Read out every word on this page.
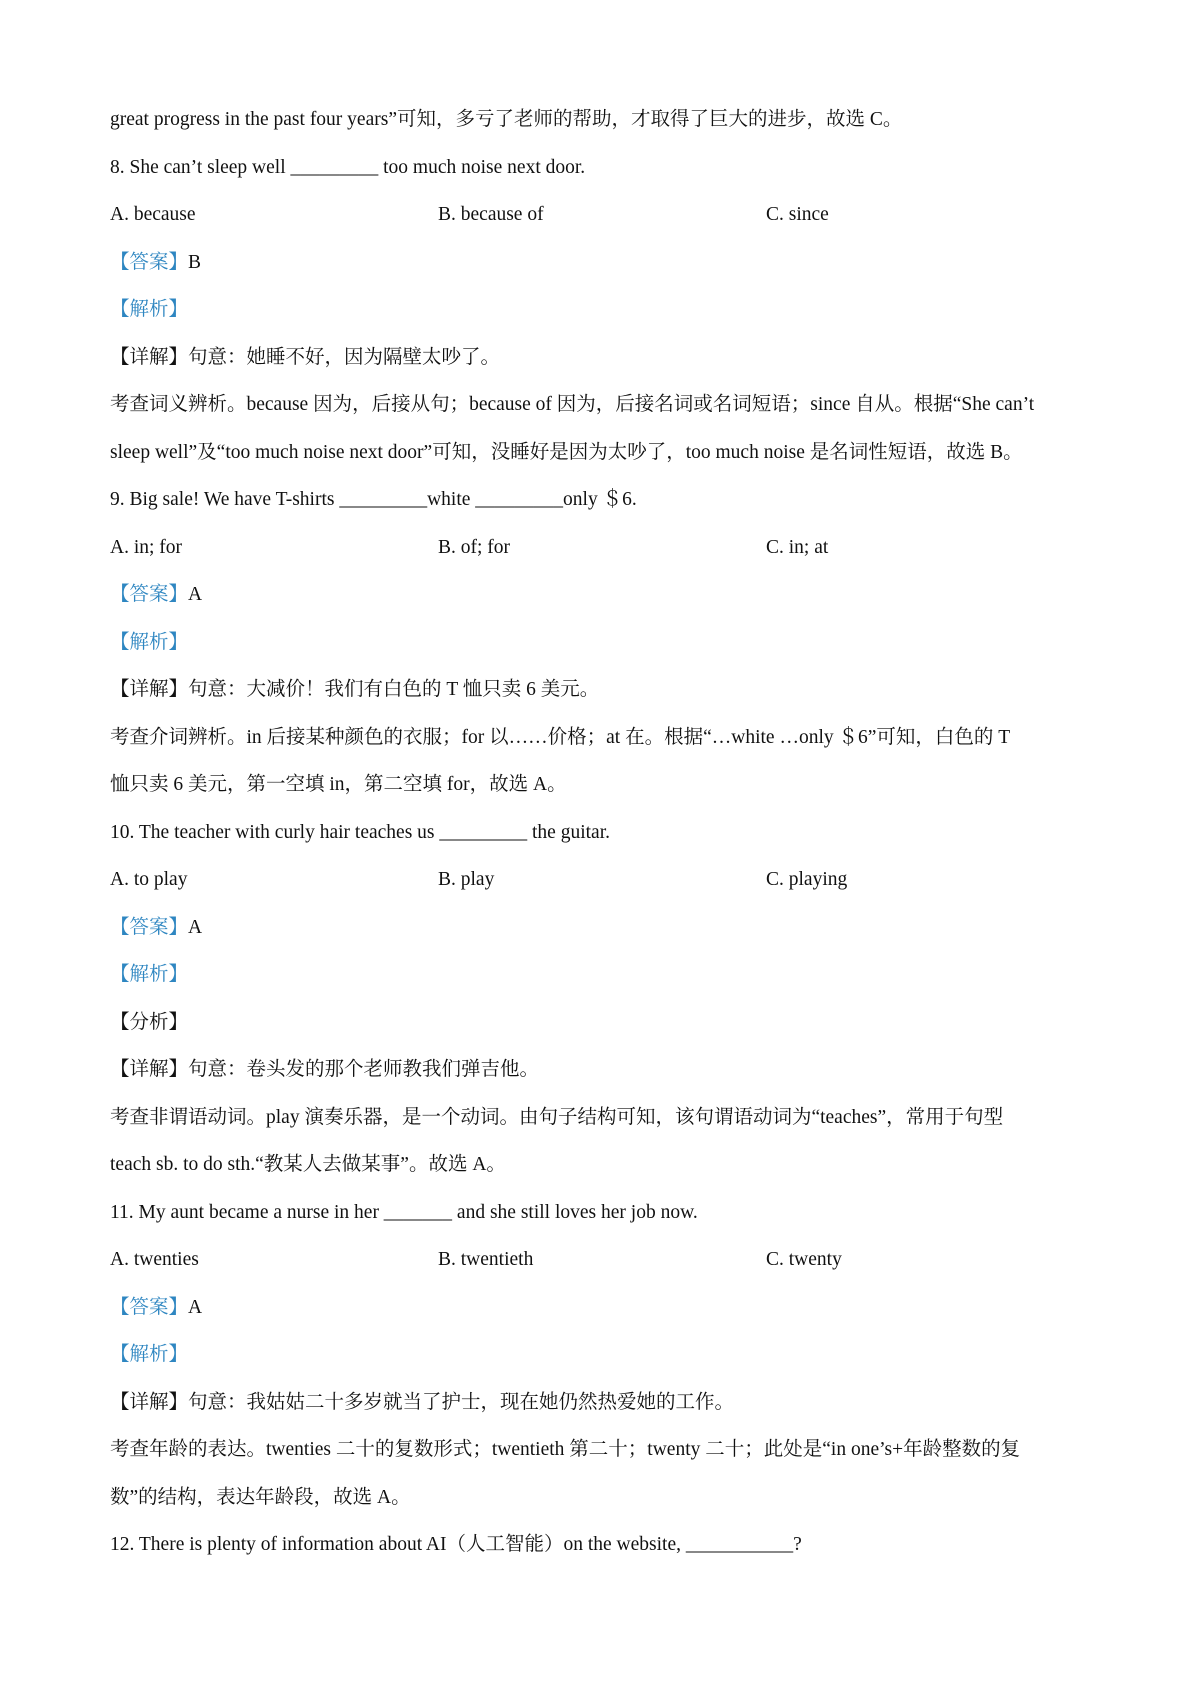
great progress in the past four years”可知，多亏了老师的帮助，才取得了巨大的进步，故选 C。
8. She can’t sleep well _________ too much noise next door.
A. because	B. because of	C. since
【答案】B
【解析】
【详解】句意：她睡不好，因为隔壁太吵了。
考查词义辨析。because 因为，后接从句；because of 因为，后接名词或名词短语；since 自从。根据“She can’t
sleep well”及“too much noise next door”可知，没睡好是因为太吵了，too much noise 是名词性短语，故选 B。
9. Big sale! We have T-shirts _________white _________only ＄6.
A. in; for	B. of; for	C. in; at
【答案】A
【解析】
【详解】句意：大减价！我们有白色的 T 恤只卖 6 美元。
考查介词辨析。in 后接某种颜色的衣服；for 以……价格；at 在。根据“…white …only ＄6”可知，白色的 T
恤只卖 6 美元，第一空填 in，第二空填 for，故选 A。
10. The teacher with curly hair teaches us _________ the guitar.
A. to play	B. play	C. playing
【答案】A
【解析】
【分析】
【详解】句意：卷头发的那个老师教我们弹吉他。
考查非谓语动词。play 演奏乐器，是一个动词。由句子结构可知，该句谓语动词为“teaches”，常用于句型
teach sb. to do sth.“教某人去做某事”。故选 A。
11. My aunt became a nurse in her _______ and she still loves her job now.
A. twenties	B. twentieth	C. twenty
【答案】A
【解析】
【详解】句意：我姑姑二十多岁就当了护士，现在她仍然热爱她的工作。
考查年龄的表达。twenties 二十的复数形式；twentieth 第二十；twenty 二十；此处是“in one’s+年龄整数的复
数”的结构，表达年龄段，故选 A。
12. There is plenty of information about AI（人工智能）on the website, ___________?
